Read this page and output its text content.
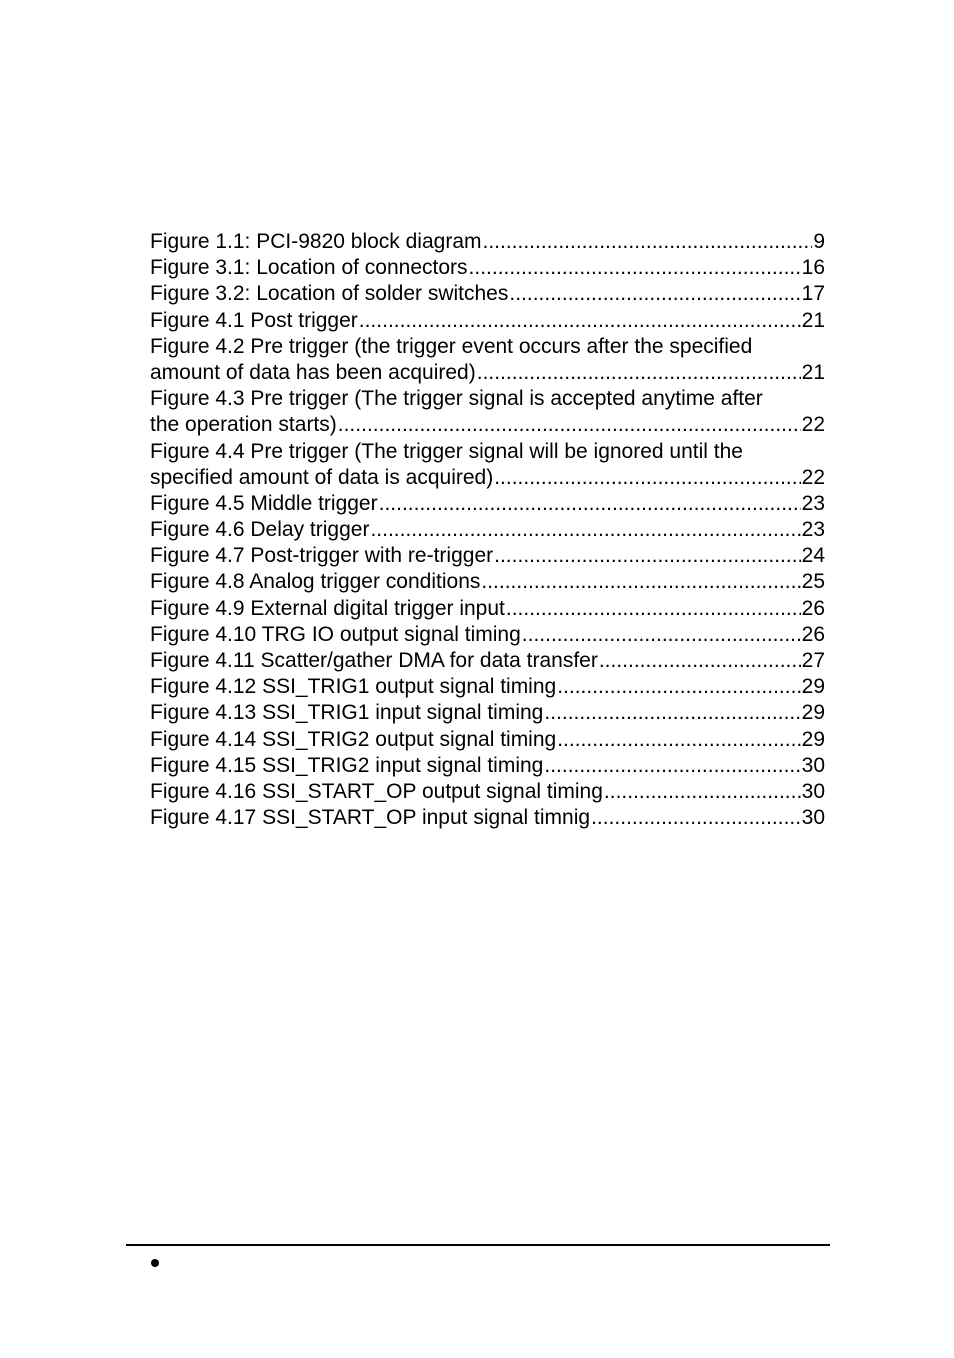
Figure 1.1: PCI-9820 block diagram .....	9
Figure 3.1: Location of connectors .....	16
Figure 3.2: Location of solder switches .....	17
Figure 4.1 Post trigger .....	21
Figure 4.2 Pre trigger (the trigger event occurs after the specified
amount of data has been acquired) .....	21
Figure 4.3 Pre trigger (The trigger signal is accepted anytime after
the operation starts) .....	22
Figure 4.4 Pre trigger (The trigger signal will be ignored until the
specified amount of data is acquired) .....	22
Figure 4.5 Middle trigger .....	23
Figure 4.6 Delay trigger .....	23
Figure 4.7 Post-trigger with re-trigger .....	24
Figure 4.8 Analog trigger conditions .....	25
Figure 4.9 External digital trigger input .....	26
Figure 4.10 TRG IO output signal timing .....	26
Figure 4.11 Scatter/gather DMA for data transfer .....	27
Figure 4.12 SSI_TRIG1 output signal timing .....	29
Figure 4.13 SSI_TRIG1 input signal timing .....	29
Figure 4.14 SSI_TRIG2 output signal timing .....	29
Figure 4.15 SSI_TRIG2 input signal timing .....	30
Figure 4.16 SSI_START_OP output signal timing .....	30
Figure 4.17 SSI_START_OP input signal timnig .....	30
